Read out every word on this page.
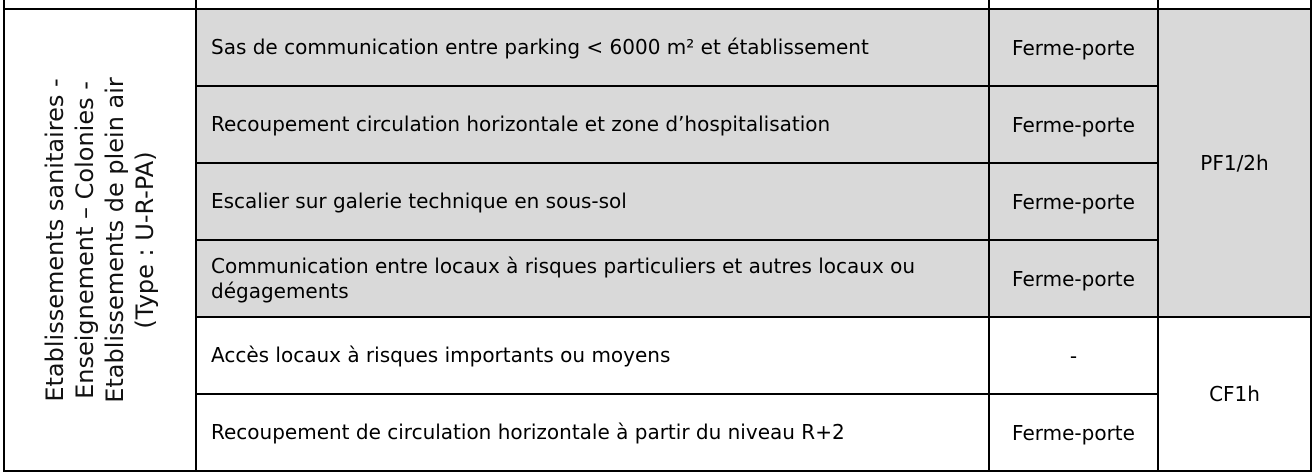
Etablissements sanitaires - Enseignement – Colonies - Etablissements de plein air (Type : U-R-PA)	Sas de communication entre parking < 6000 m² et établissement	Ferme-porte	PF1/2h
	Recoupement circulation horizontale et zone d’hospitalisation	Ferme-porte	
	Escalier sur galerie technique en sous-sol	Ferme-porte	
	Communication entre locaux à risques particuliers et autres locaux ou dégagements	Ferme-porte	
	Accès locaux à risques importants ou moyens	-	CF1h
	Recoupement de circulation horizontale à partir du niveau R+2	Ferme-porte	
